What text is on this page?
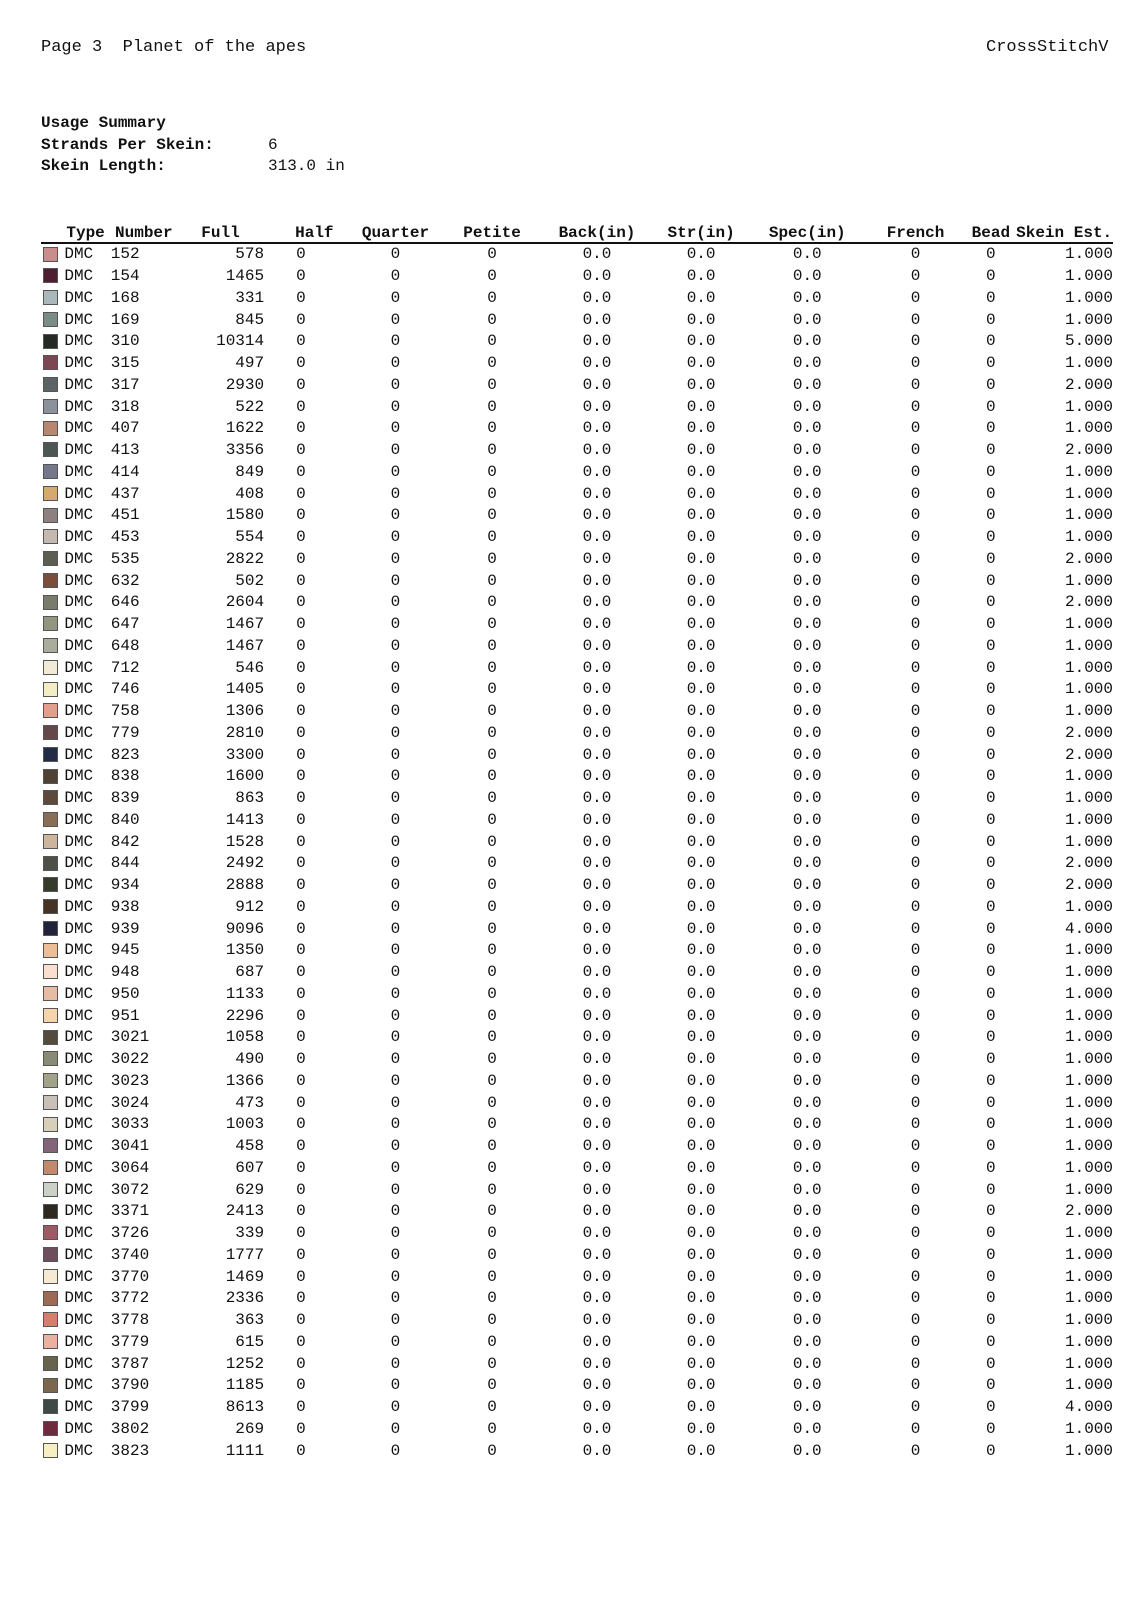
Page 3 Planet of the apes	CrossStitchV
Usage Summary
Strands Per Skein:	6
Skein Length:	313.0 in
	Type	Number	Full	Half	Quarter	Petite	Back(in)	Str(in)	Spec(in)	French	Bead	Skein Est.
	DMC	152	578	0	0	0	0.0	0.0	0.0	0	0	1.000
	DMC	154	1465	0	0	0	0.0	0.0	0.0	0	0	1.000
	DMC	168	331	0	0	0	0.0	0.0	0.0	0	0	1.000
	DMC	169	845	0	0	0	0.0	0.0	0.0	0	0	1.000
	DMC	310	10314	0	0	0	0.0	0.0	0.0	0	0	5.000
	DMC	315	497	0	0	0	0.0	0.0	0.0	0	0	1.000
	DMC	317	2930	0	0	0	0.0	0.0	0.0	0	0	2.000
	DMC	318	522	0	0	0	0.0	0.0	0.0	0	0	1.000
	DMC	407	1622	0	0	0	0.0	0.0	0.0	0	0	1.000
	DMC	413	3356	0	0	0	0.0	0.0	0.0	0	0	2.000
	DMC	414	849	0	0	0	0.0	0.0	0.0	0	0	1.000
	DMC	437	408	0	0	0	0.0	0.0	0.0	0	0	1.000
	DMC	451	1580	0	0	0	0.0	0.0	0.0	0	0	1.000
	DMC	453	554	0	0	0	0.0	0.0	0.0	0	0	1.000
	DMC	535	2822	0	0	0	0.0	0.0	0.0	0	0	2.000
	DMC	632	502	0	0	0	0.0	0.0	0.0	0	0	1.000
	DMC	646	2604	0	0	0	0.0	0.0	0.0	0	0	2.000
	DMC	647	1467	0	0	0	0.0	0.0	0.0	0	0	1.000
	DMC	648	1467	0	0	0	0.0	0.0	0.0	0	0	1.000
	DMC	712	546	0	0	0	0.0	0.0	0.0	0	0	1.000
	DMC	746	1405	0	0	0	0.0	0.0	0.0	0	0	1.000
	DMC	758	1306	0	0	0	0.0	0.0	0.0	0	0	1.000
	DMC	779	2810	0	0	0	0.0	0.0	0.0	0	0	2.000
	DMC	823	3300	0	0	0	0.0	0.0	0.0	0	0	2.000
	DMC	838	1600	0	0	0	0.0	0.0	0.0	0	0	1.000
	DMC	839	863	0	0	0	0.0	0.0	0.0	0	0	1.000
	DMC	840	1413	0	0	0	0.0	0.0	0.0	0	0	1.000
	DMC	842	1528	0	0	0	0.0	0.0	0.0	0	0	1.000
	DMC	844	2492	0	0	0	0.0	0.0	0.0	0	0	2.000
	DMC	934	2888	0	0	0	0.0	0.0	0.0	0	0	2.000
	DMC	938	912	0	0	0	0.0	0.0	0.0	0	0	1.000
	DMC	939	9096	0	0	0	0.0	0.0	0.0	0	0	4.000
	DMC	945	1350	0	0	0	0.0	0.0	0.0	0	0	1.000
	DMC	948	687	0	0	0	0.0	0.0	0.0	0	0	1.000
	DMC	950	1133	0	0	0	0.0	0.0	0.0	0	0	1.000
	DMC	951	2296	0	0	0	0.0	0.0	0.0	0	0	1.000
	DMC	3021	1058	0	0	0	0.0	0.0	0.0	0	0	1.000
	DMC	3022	490	0	0	0	0.0	0.0	0.0	0	0	1.000
	DMC	3023	1366	0	0	0	0.0	0.0	0.0	0	0	1.000
	DMC	3024	473	0	0	0	0.0	0.0	0.0	0	0	1.000
	DMC	3033	1003	0	0	0	0.0	0.0	0.0	0	0	1.000
	DMC	3041	458	0	0	0	0.0	0.0	0.0	0	0	1.000
	DMC	3064	607	0	0	0	0.0	0.0	0.0	0	0	1.000
	DMC	3072	629	0	0	0	0.0	0.0	0.0	0	0	1.000
	DMC	3371	2413	0	0	0	0.0	0.0	0.0	0	0	2.000
	DMC	3726	339	0	0	0	0.0	0.0	0.0	0	0	1.000
	DMC	3740	1777	0	0	0	0.0	0.0	0.0	0	0	1.000
	DMC	3770	1469	0	0	0	0.0	0.0	0.0	0	0	1.000
	DMC	3772	2336	0	0	0	0.0	0.0	0.0	0	0	1.000
	DMC	3778	363	0	0	0	0.0	0.0	0.0	0	0	1.000
	DMC	3779	615	0	0	0	0.0	0.0	0.0	0	0	1.000
	DMC	3787	1252	0	0	0	0.0	0.0	0.0	0	0	1.000
	DMC	3790	1185	0	0	0	0.0	0.0	0.0	0	0	1.000
	DMC	3799	8613	0	0	0	0.0	0.0	0.0	0	0	4.000
	DMC	3802	269	0	0	0	0.0	0.0	0.0	0	0	1.000
	DMC	3823	1111	0	0	0	0.0	0.0	0.0	0	0	1.000
